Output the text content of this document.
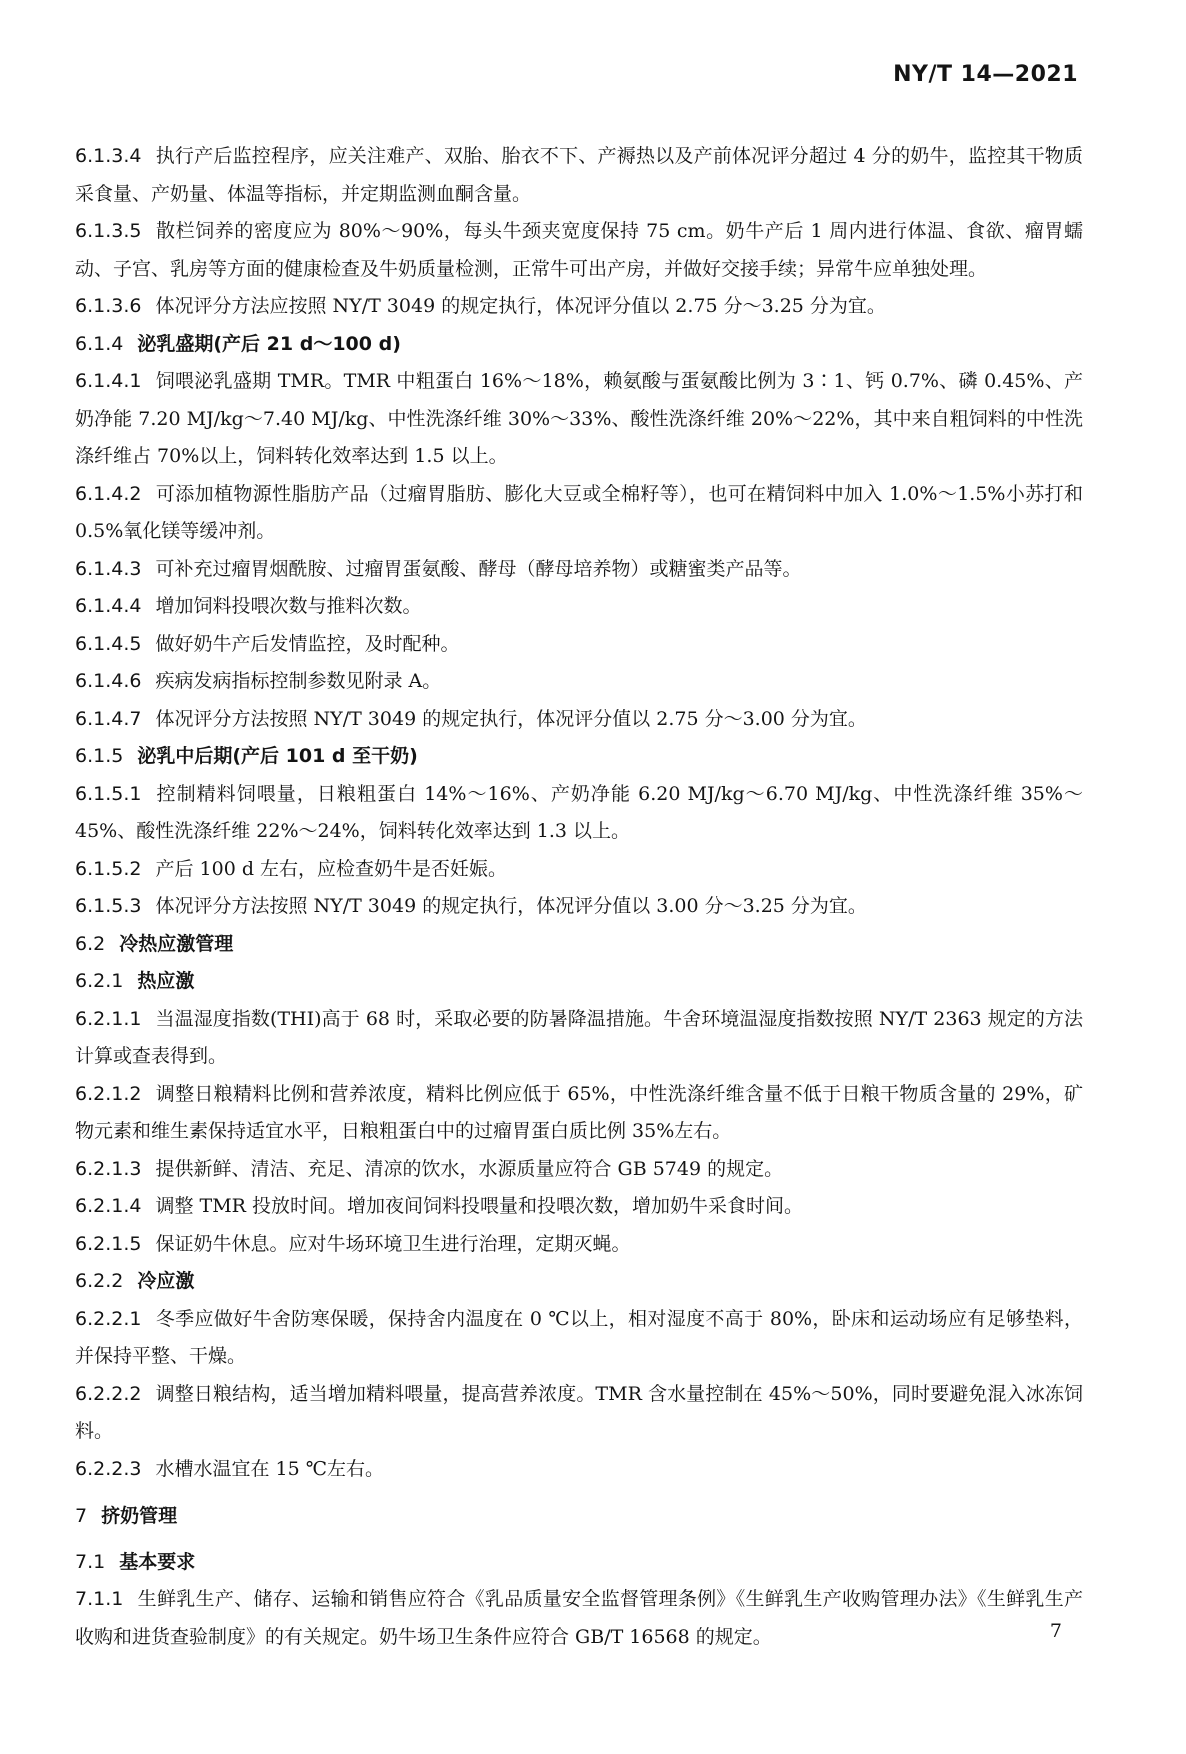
NY/T 14—2021

6.1.3.4 执行产后监控程序，应关注难产、双胎、胎衣不下、产褥热以及产前体况评分超过 4 分的奶牛，监控其干物质采食量、产奶量、体温等指标，并定期监测血酮含量。

6.1.3.5 散栏饲养的密度应为 80%～90%，每头牛颈夹宽度保持 75 cm。奶牛产后 1 周内进行体温、食欲、瘤胃蠕动、子宫、乳房等方面的健康检查及牛奶质量检测，正常牛可出产房，并做好交接手续；异常牛应单独处理。

6.1.3.6 体况评分方法应按照 NY/T 3049 的规定执行，体况评分值以 2.75 分～3.25 分为宜。

6.1.4 泌乳盛期(产后 21 d～100 d)

6.1.4.1 饲喂泌乳盛期 TMR。TMR 中粗蛋白 16%～18%，赖氨酸与蛋氨酸比例为 3∶1、钙 0.7%、磷 0.45%、产奶净能 7.20 MJ/kg～7.40 MJ/kg、中性洗涤纤维 30%～33%、酸性洗涤纤维 20%～22%，其中来自粗饲料的中性洗涤纤维占 70%以上，饲料转化效率达到 1.5 以上。

6.1.4.2 可添加植物源性脂肪产品（过瘤胃脂肪、膨化大豆或全棉籽等），也可在精饲料中加入 1.0%～1.5%小苏打和 0.5%氧化镁等缓冲剂。

6.1.4.3 可补充过瘤胃烟酰胺、过瘤胃蛋氨酸、酵母（酵母培养物）或糖蜜类产品等。

6.1.4.4 增加饲料投喂次数与推料次数。

6.1.4.5 做好奶牛产后发情监控，及时配种。

6.1.4.6 疾病发病指标控制参数见附录 A。

6.1.4.7 体况评分方法按照 NY/T 3049 的规定执行，体况评分值以 2.75 分～3.00 分为宜。

6.1.5 泌乳中后期(产后 101 d 至干奶)

6.1.5.1 控制精料饲喂量，日粮粗蛋白 14%～16%、产奶净能 6.20 MJ/kg～6.70 MJ/kg、中性洗涤纤维 35%～45%、酸性洗涤纤维 22%～24%，饲料转化效率达到 1.3 以上。

6.1.5.2 产后 100 d 左右，应检查奶牛是否妊娠。

6.1.5.3 体况评分方法按照 NY/T 3049 的规定执行，体况评分值以 3.00 分～3.25 分为宜。

6.2 冷热应激管理

6.2.1 热应激

6.2.1.1 当温湿度指数(THI)高于 68 时，采取必要的防暑降温措施。牛舍环境温湿度指数按照 NY/T 2363 规定的方法计算或查表得到。

6.2.1.2 调整日粮精料比例和营养浓度，精料比例应低于 65%，中性洗涤纤维含量不低于日粮干物质含量的 29%，矿物元素和维生素保持适宜水平，日粮粗蛋白中的过瘤胃蛋白质比例 35%左右。

6.2.1.3 提供新鲜、清洁、充足、清凉的饮水，水源质量应符合 GB 5749 的规定。

6.2.1.4 调整 TMR 投放时间。增加夜间饲料投喂量和投喂次数，增加奶牛采食时间。

6.2.1.5 保证奶牛休息。应对牛场环境卫生进行治理，定期灭蝇。

6.2.2 冷应激

6.2.2.1 冬季应做好牛舍防寒保暖，保持舍内温度在 0 ℃以上，相对湿度不高于 80%，卧床和运动场应有足够垫料，并保持平整、干燥。

6.2.2.2 调整日粮结构，适当增加精料喂量，提高营养浓度。TMR 含水量控制在 45%～50%，同时要避免混入冰冻饲料。

6.2.2.3 水槽水温宜在 15 ℃左右。

7 挤奶管理

7.1 基本要求

7.1.1 生鲜乳生产、储存、运输和销售应符合《乳品质量安全监督管理条例》《生鲜乳生产收购管理办法》《生鲜乳生产收购和进货查验制度》的有关规定。奶牛场卫生条件应符合 GB/T 16568 的规定。	7
